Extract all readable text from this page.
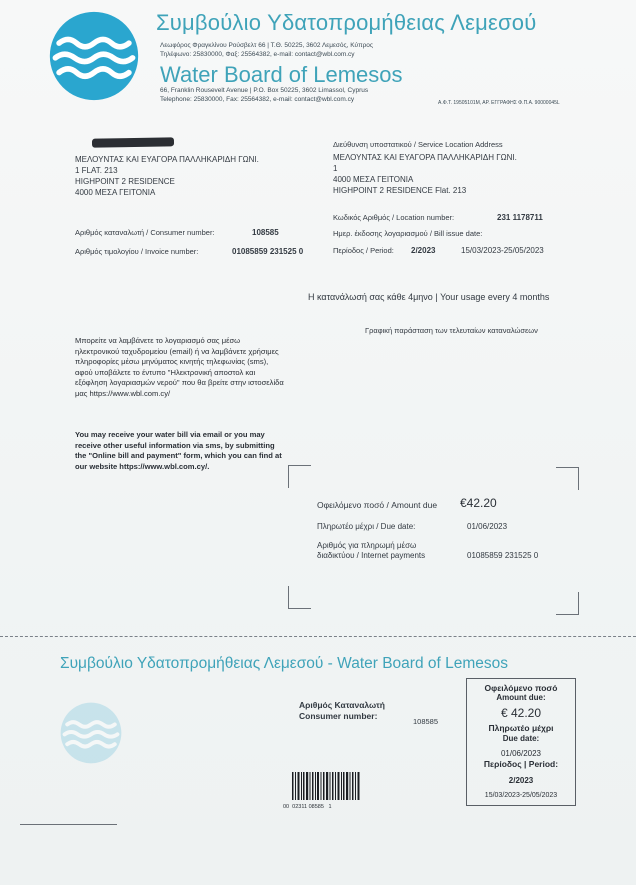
Συμβούλιο Υδατοπρομήθειας Λεμεσού
Λεωφόρος Φραγκλίνου Ρούσβελτ 66 | Τ.Θ. 50225, 3602 Λεμεσός, Κύπρος
Τηλέφωνο: 25830000, Φαξ: 25564382, e-mail: contact@wbl.com.cy
Water Board of Lemesos
66, Franklin Rousevelt Avenue | P.O. Box 50225, 3602 Limassol, Cyprus
Telephone: 25830000, Fax: 25564382, e-mail: contact@wbl.com.cy	Α.Φ.Τ. 19505101Μ, ΑΡ. ΕΓΓΡΑΦΗΣ Φ.Π.Α. 90000045L
ΜΕΛΟΥΝΤΑΣ ΚΑΙ ΕΥΑΓΟΡΑ ΠΑΛΛΗΚΑΡΙΔΗ ΓΩΝΙ.
1 FLAT. 213
HIGHPOINT 2 RESIDENCE
4000 ΜΕΣΑ ΓΕΙΤΟΝΙΑ
Αριθμός καταναλωτή / Consumer number:	108585
Αριθμός τιμολογίου / Invoice number:	01085859 231525 0
Διεύθυνση υποστατικού / Service Location Address
ΜΕΛΟΥΝΤΑΣ ΚΑΙ ΕΥΑΓΟΡΑ ΠΑΛΛΗΚΑΡΙΔΗ ΓΩΝΙ.
1
4000 ΜΕΣΑ ΓΕΙΤΟΝΙΑ
HIGHPOINT 2 RESIDENCE Flat. 213
Κωδικός Αριθμός / Location number:	231 1178711
Ημερ. έκδοσης λογαριασμού / Bill issue date:
Περίοδος / Period: 2/2023	15/03/2023-25/05/2023
Η κατανάλωσή σας κάθε 4μηνο | Your usage every 4 months
Γραφική παράσταση των τελευταίων καταναλώσεων
Μπορείτε να λαμβάνετε το λογαριασμό σας μέσω ηλεκτρονικού ταχυδρομείου (email) ή να λαμβάνετε χρήσιμες πληροφορίες μέσω μηνύματος κινητής τηλεφωνίας (sms), αφού υποβάλετε το έντυπο "Ηλεκτρονική αποστολ και εξόφληση λογαριασμών νερού" που θα βρείτε στην ιστοσελίδα μας https://www.wbl.com.cy/
You may receive your water bill via email or you may receive other useful information via sms, by submitting the "Online bill and payment" form, which you can find at our website https://www.wbl.com.cy/.
Οφειλόμενο ποσό / Amount due €42.20
Πληρωτέο μέχρι / Due date:	01/06/2023
Αριθμός για πληρωμή μέσω
διαδικτύου / Internet payments	01085859 231525 0
Συμβούλιο Υδατοπρομήθειας Λεμεσού - Water Board of Lemesos
Αριθμός Καταναλωτή
Consumer number:
108585
Οφειλόμενο ποσό
Amount due:
€ 42.20
Πληρωτέο μέχρι
Due date:
01/06/2023
Περίοδος | Period:
2/2023
15/03/2023-25/05/2023
00  02311 08585   1
